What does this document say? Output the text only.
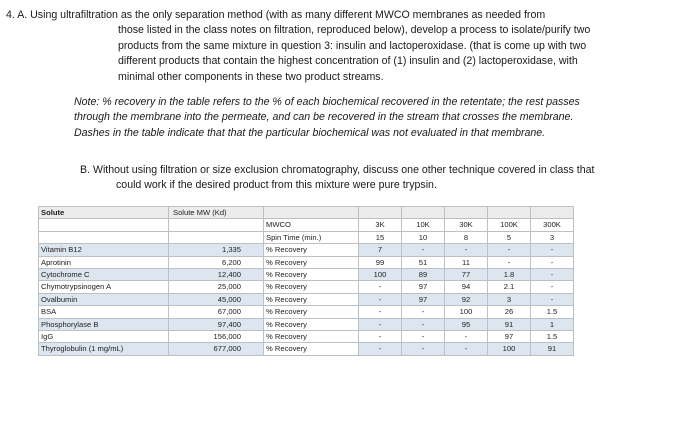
4. A. Using ultrafiltration as the only separation method (with as many different MWCO membranes as needed from
those listed in the class notes on filtration, reproduced below), develop a process to isolate/purify two
products from the same mixture in question 3: insulin and lactoperoxidase. (that is come up with two
different products that contain the highest concentration of (1) insulin and (2) lactoperoxidase, with
minimal other components in these two product streams.
Note: % recovery in the table refers to the % of each biochemical recovered in the retentate; the rest passes
through the membrane into the permeate, and can be recovered in the stream that crosses the membrane.
Dashes in the table indicate that that the particular biochemical was not evaluated in that membrane.
B. Without using filtration or size exclusion chromatography, discuss one other technique covered in class that
could work if the desired product from this mixture were pure trypsin.
Solute	Solute MW (Kd)						
		MWCO	3K	10K	30K	100K	300K
		Spin Time (min.)	15	10	8	5	3
Vitamin B12	1,335	% Recovery	7	-	-	-	-
Aprotinin	6,200	% Recovery	99	51	11	-	-
Cytochrome C	12,400	% Recovery	100	89	77	1.8	-
Chymotrypsinogen A	25,000	% Recovery	-	97	94	2.1	-
Ovalbumin	45,000	% Recovery	-	97	92	3	-
BSA	67,000	% Recovery	-	-	100	26	1.5
Phosphorylase B	97,400	% Recovery	-	-	95	91	1
IgG	156,000	% Recovery	-	-	-	97	1.5
Thyroglobulin (1 mg/mL)	677,000	% Recovery	-	-	-	100	91
